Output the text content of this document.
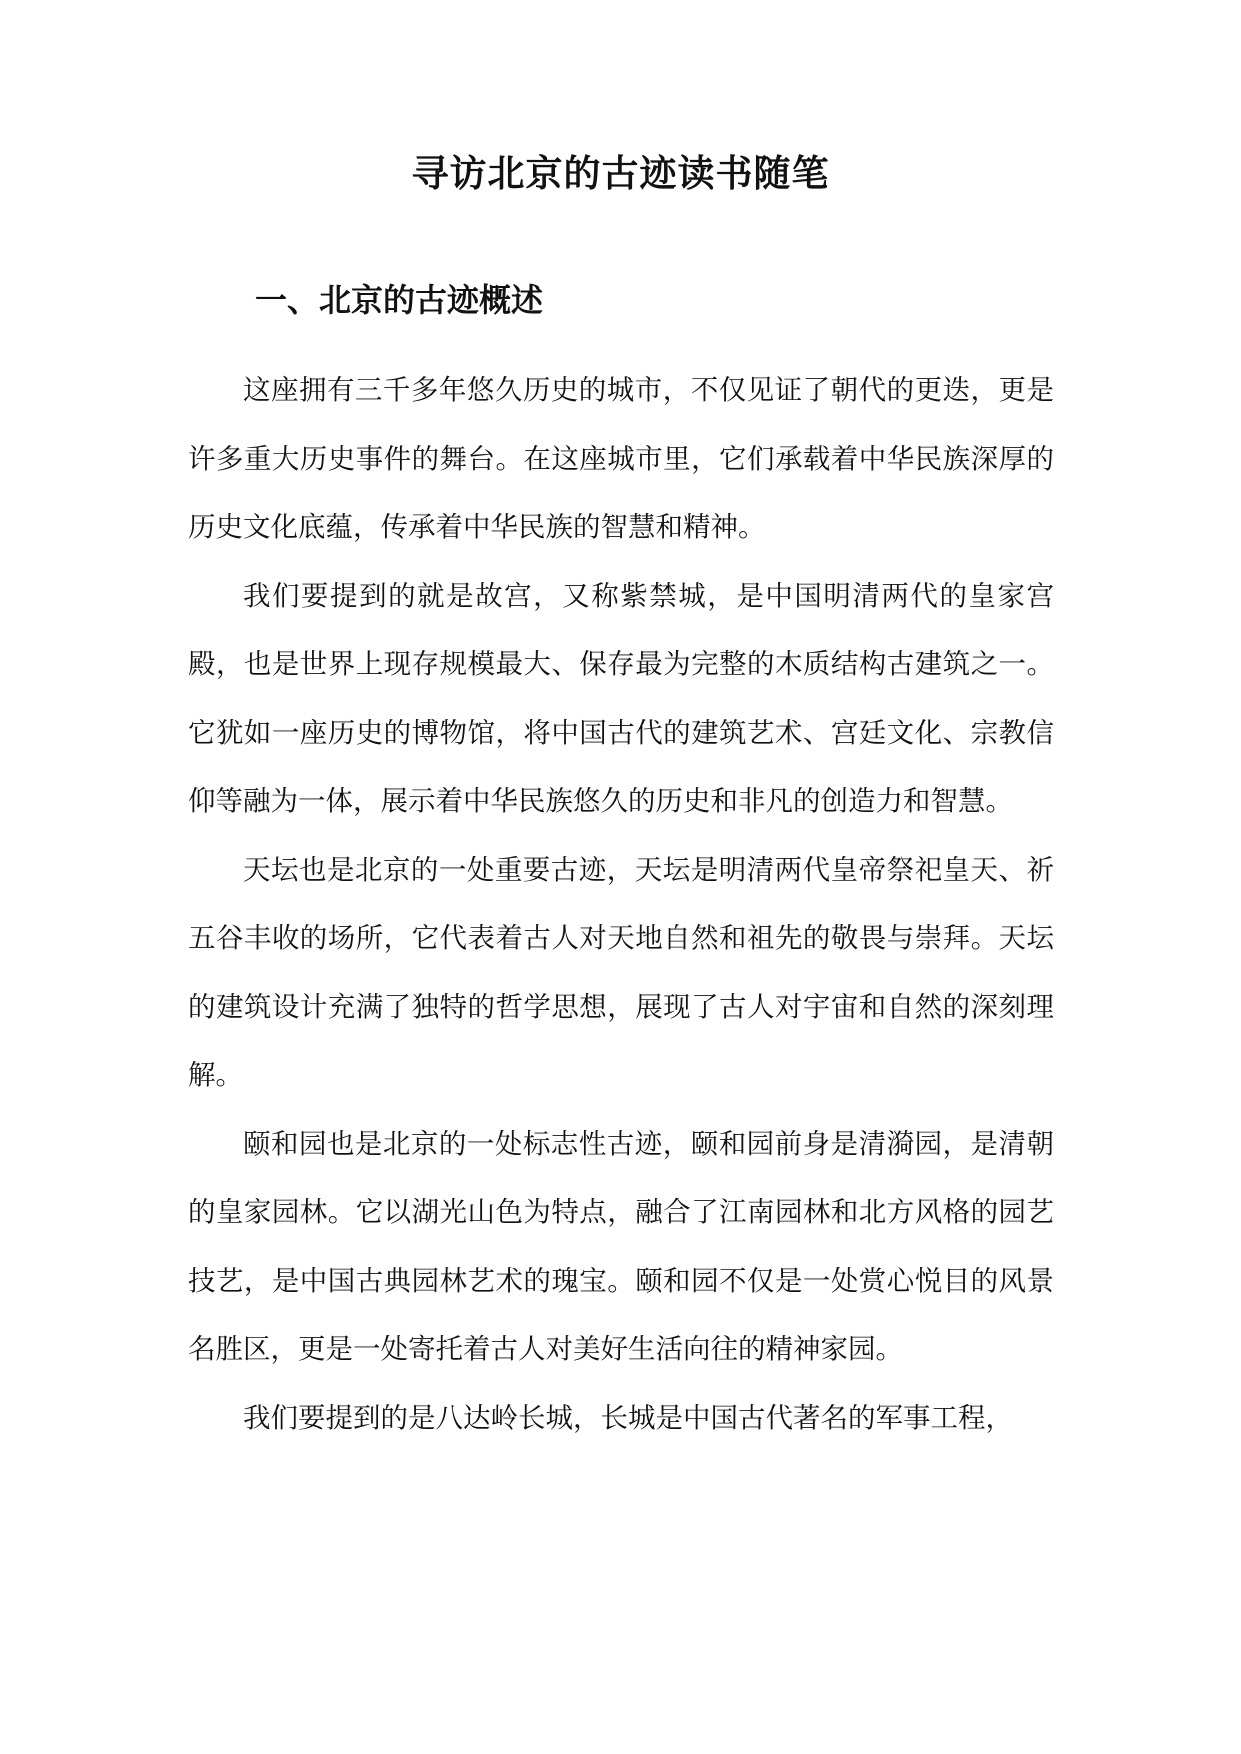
寻访北京的古迹读书随笔
一、北京的古迹概述

这座拥有三千多年悠久历史的城市，不仅见证了朝代的更迭，更是许多重大历史事件的舞台。在这座城市里，它们承载着中华民族深厚的历史文化底蕴，传承着中华民族的智慧和精神。

我们要提到的就是故宫，又称紫禁城，是中国明清两代的皇家宫殿，也是世界上现存规模最大、保存最为完整的木质结构古建筑之一。它犹如一座历史的博物馆，将中国古代的建筑艺术、宫廷文化、宗教信仰等融为一体，展示着中华民族悠久的历史和非凡的创造力和智慧。

天坛也是北京的一处重要古迹，天坛是明清两代皇帝祭祀皇天、祈五谷丰收的场所，它代表着古人对天地自然和祖先的敬畏与崇拜。天坛的建筑设计充满了独特的哲学思想，展现了古人对宇宙和自然的深刻理解。

颐和园也是北京的一处标志性古迹，颐和园前身是清漪园，是清朝的皇家园林。它以湖光山色为特点，融合了江南园林和北方风格的园艺技艺，是中国古典园林艺术的瑰宝。颐和园不仅是一处赏心悦目的风景名胜区，更是一处寄托着古人对美好生活向往的精神家园。

我们要提到的是八达岭长城，长城是中国古代著名的军事工程，
